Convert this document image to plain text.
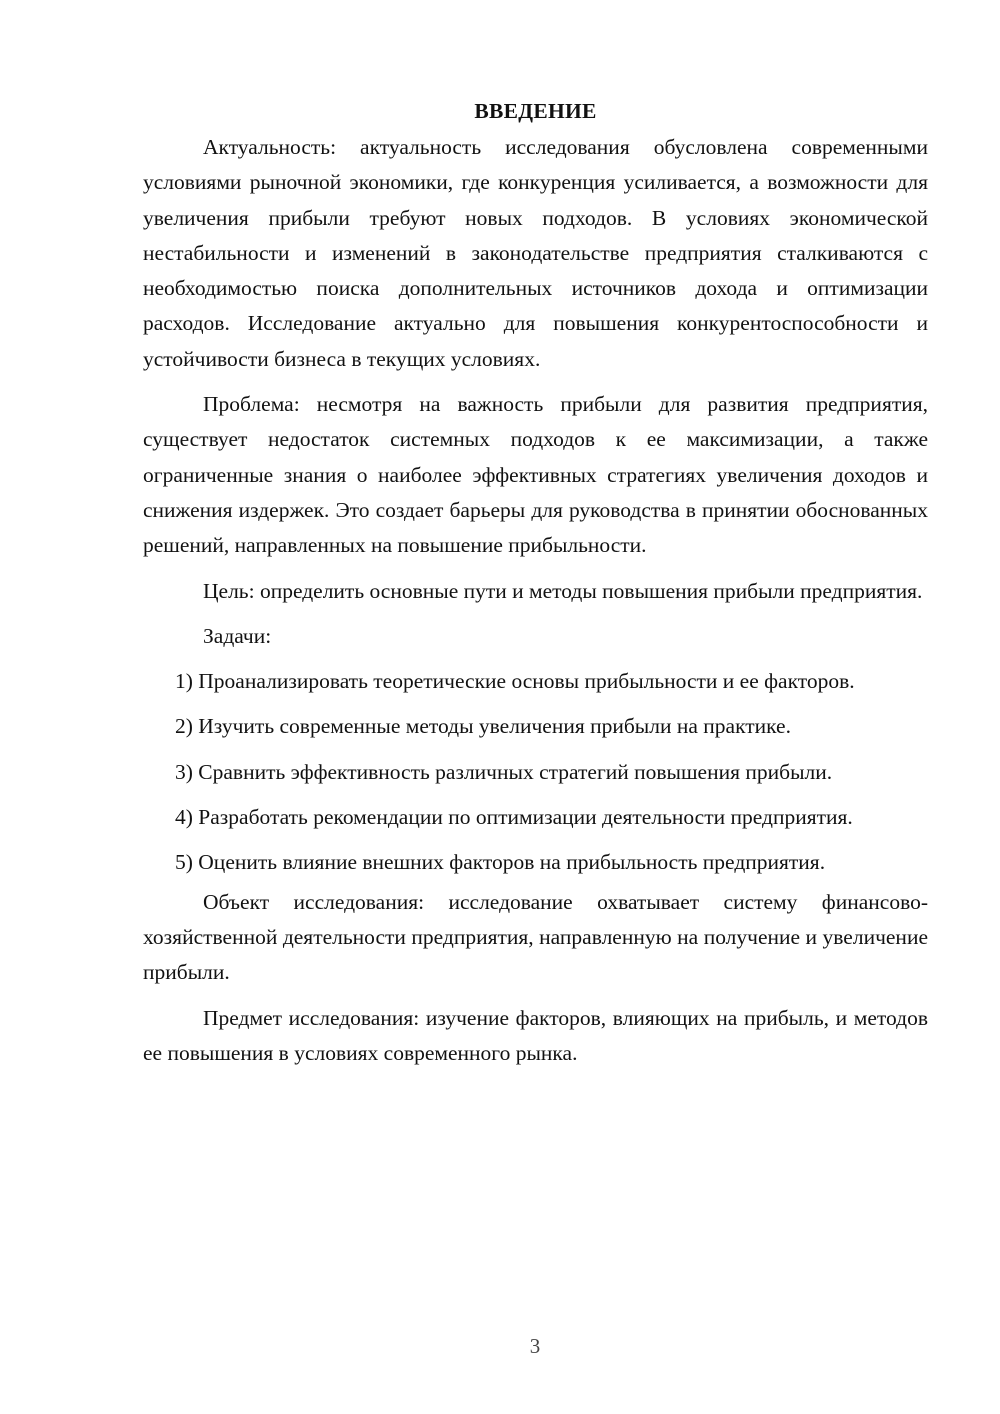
ВВЕДЕНИЕ

Актуальность: актуальность исследования обусловлена современными условиями рыночной экономики, где конкуренция усиливается, а возможности для увеличения прибыли требуют новых подходов. В условиях экономической нестабильности и изменений в законодательстве предприятия сталкиваются с необходимостью поиска дополнительных источников дохода и оптимизации расходов. Исследование актуально для повышения конкурентоспособности и устойчивости бизнеса в текущих условиях.

Проблема: несмотря на важность прибыли для развития предприятия, существует недостаток системных подходов к ее максимизации, а также ограниченные знания о наиболее эффективных стратегиях увеличения доходов и снижения издержек. Это создает барьеры для руководства в принятии обоснованных решений, направленных на повышение прибыльности.

Цель: определить основные пути и методы повышения прибыли предприятия.

Задачи:

1) Проанализировать теоретические основы прибыльности и ее факторов.

2) Изучить современные методы увеличения прибыли на практике.

3) Сравнить эффективность различных стратегий повышения прибыли.

4) Разработать рекомендации по оптимизации деятельности предприятия.

5) Оценить влияние внешних факторов на прибыльность предприятия.

Объект исследования: исследование охватывает систему финансово-хозяйственной деятельности предприятия, направленную на получение и увеличение прибыли.

Предмет исследования: изучение факторов, влияющих на прибыль, и методов ее повышения в условиях современного рынка.

3
